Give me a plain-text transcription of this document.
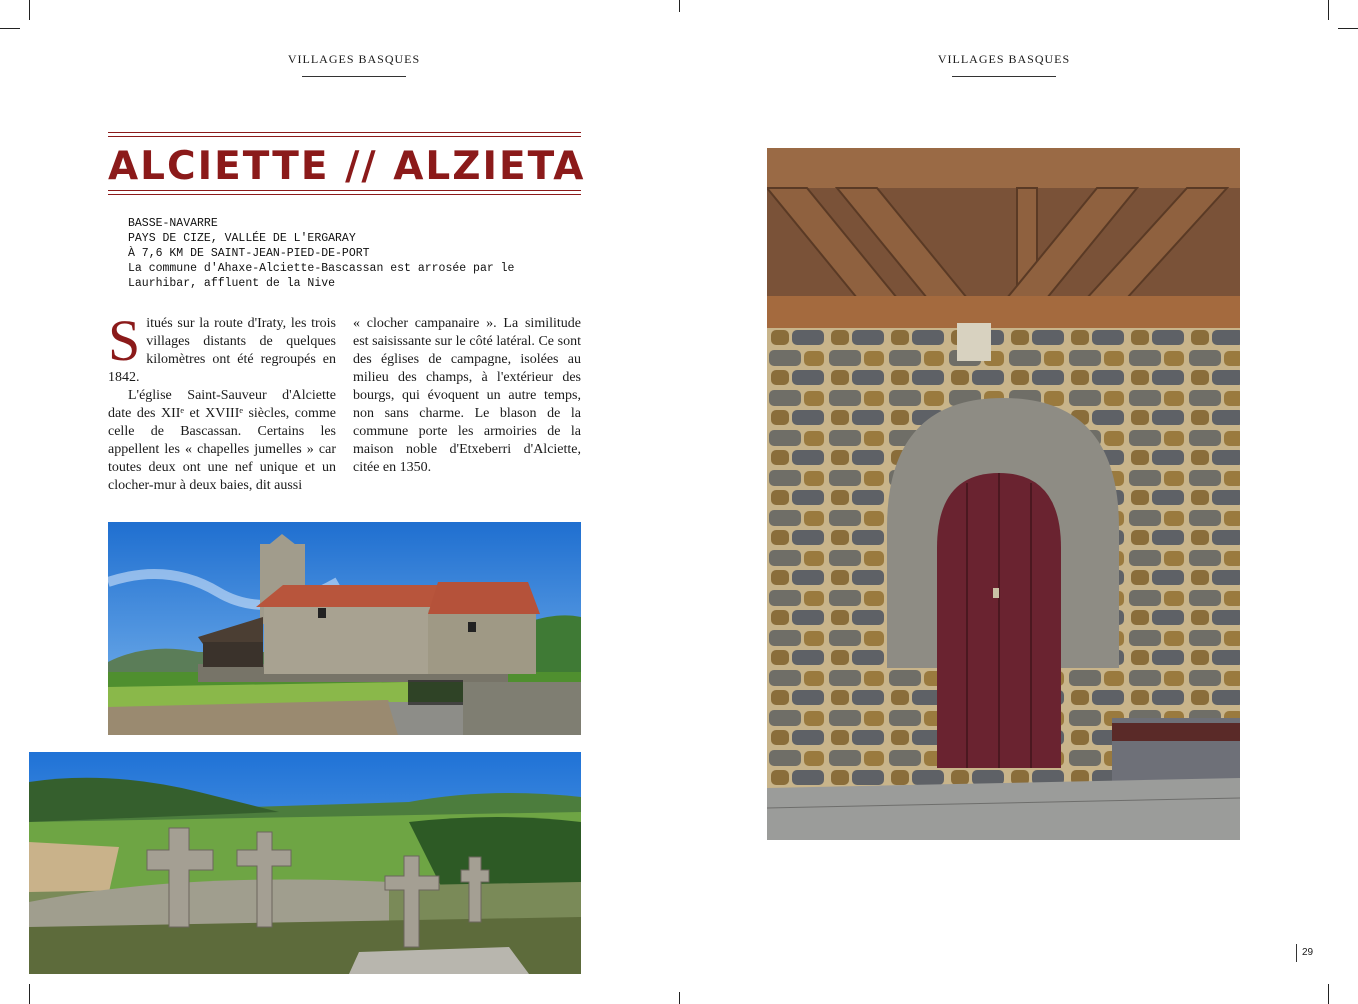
VILLAGES BASQUES	VILLAGES BASQUES
ALCIETTE // ALZIETA
BASSE-NAVARRE
PAYS DE CIZE, VALLÉE DE L'ERGARAY
À 7,6 KM DE SAINT-JEAN-PIED-DE-PORT
La commune d'Ahaxe-Alciette-Bascassan est arrosée par le
Laurhibar, affluent de la Nive

Situés sur la route d'Iraty, les trois villages distants de quelques kilomètres ont été regroupés en 1842.

L'église Saint-Sauveur d'Alciette date des XIIᵉ et XVIIIᵉ siècles, comme celle de Bascassan. Certains les appellent les « chapelles jumelles » car toutes deux ont une nef unique et un clocher-mur à deux baies, dit aussi

« clocher campanaire ». La similitude est saisissante sur le côté latéral. Ce sont des églises de campagne, isolées au milieu des champs, à l'extérieur des bourgs, qui évoquent un autre temps, non sans charme. Le blason de la commune porte les armoiries de la maison noble d'Etxeberri d'Alciette, citée en 1350.

29
